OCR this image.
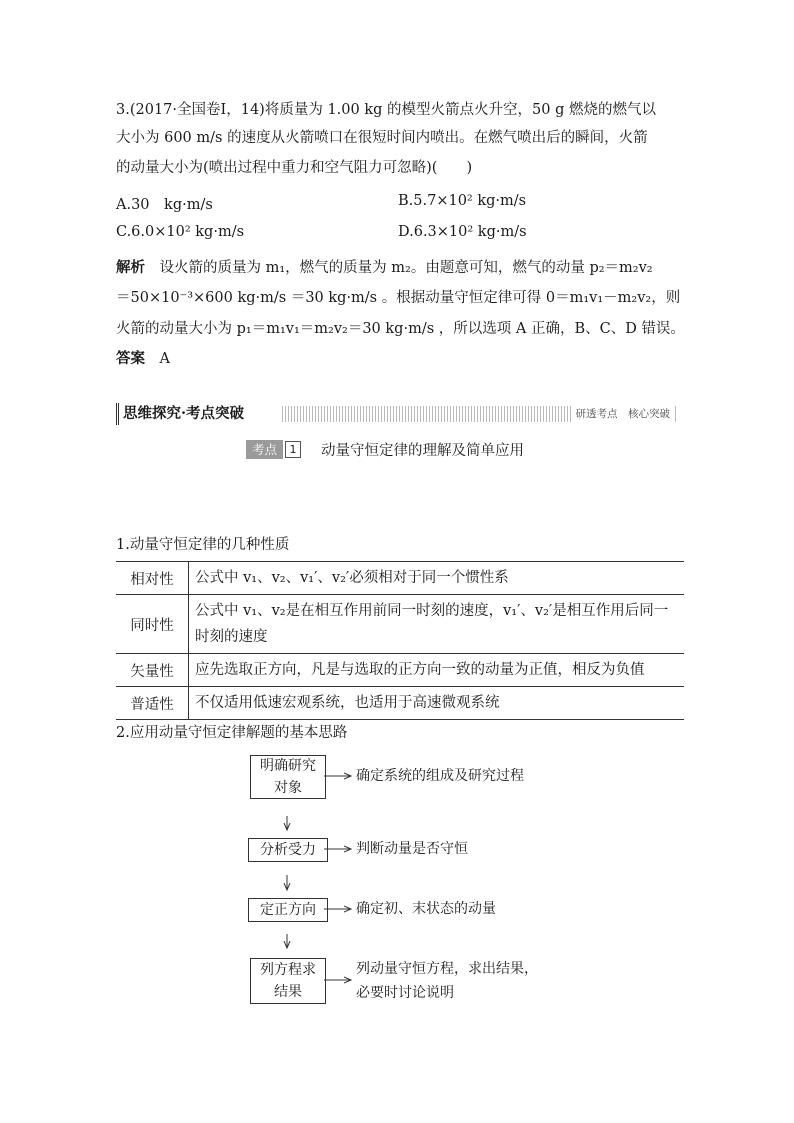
3.(2017·全国卷Ⅰ，14)将质量为 1.00 kg 的模型火箭点火升空，50 g 燃烧的燃气以
大小为 600 m/s 的速度从火箭喷口在很短时间内喷出。在燃气喷出后的瞬间，火箭
的动量大小为(喷出过程中重力和空气阻力可忽略)(　　)
A.30　kg·m/s	B.5.7×10² kg·m/s
C.6.0×10² kg·m/s	D.6.3×10² kg·m/s
解析　 设火箭的质量为 m₁，燃气的质量为 m₂。由题意可知，燃气的动量 p₂＝m₂v₂
＝50×10⁻³×600 kg·m/s ＝30 kg·m/s 。根据动量守恒定律可得 0＝m₁v₁－m₂v₂，则
火箭的动量大小为 p₁＝m₁v₁＝m₂v₂＝30 kg·m/s ，所以选项 A 正确，B、C、D 错误。
答案　 A
思维探究·考点突破	研透考点　核心突破
考点	1	动量守恒定律的理解及简单应用
1.动量守恒定律的几种性质
相对性	公式中 v₁、v₂、v₁′、v₂′必须相对于同一个惯性系
同时性	公式中 v₁、v₂是在相互作用前同一时刻的速度，v₁′、v₂′是相互作用后同一时刻的速度
矢量性	应先选取正方向，凡是与选取的正方向一致的动量为正值，相反为负值
普适性	不仅适用低速宏观系统，也适用于高速微观系统
2.应用动量守恒定律解题的基本思路
明确研究对象
确定系统的组成及研究过程
分析受力	判断动量是否守恒
定正方向	确定初、末状态的动量
列方程求结果
列动量守恒方程，求出结果，
必要时讨论说明
